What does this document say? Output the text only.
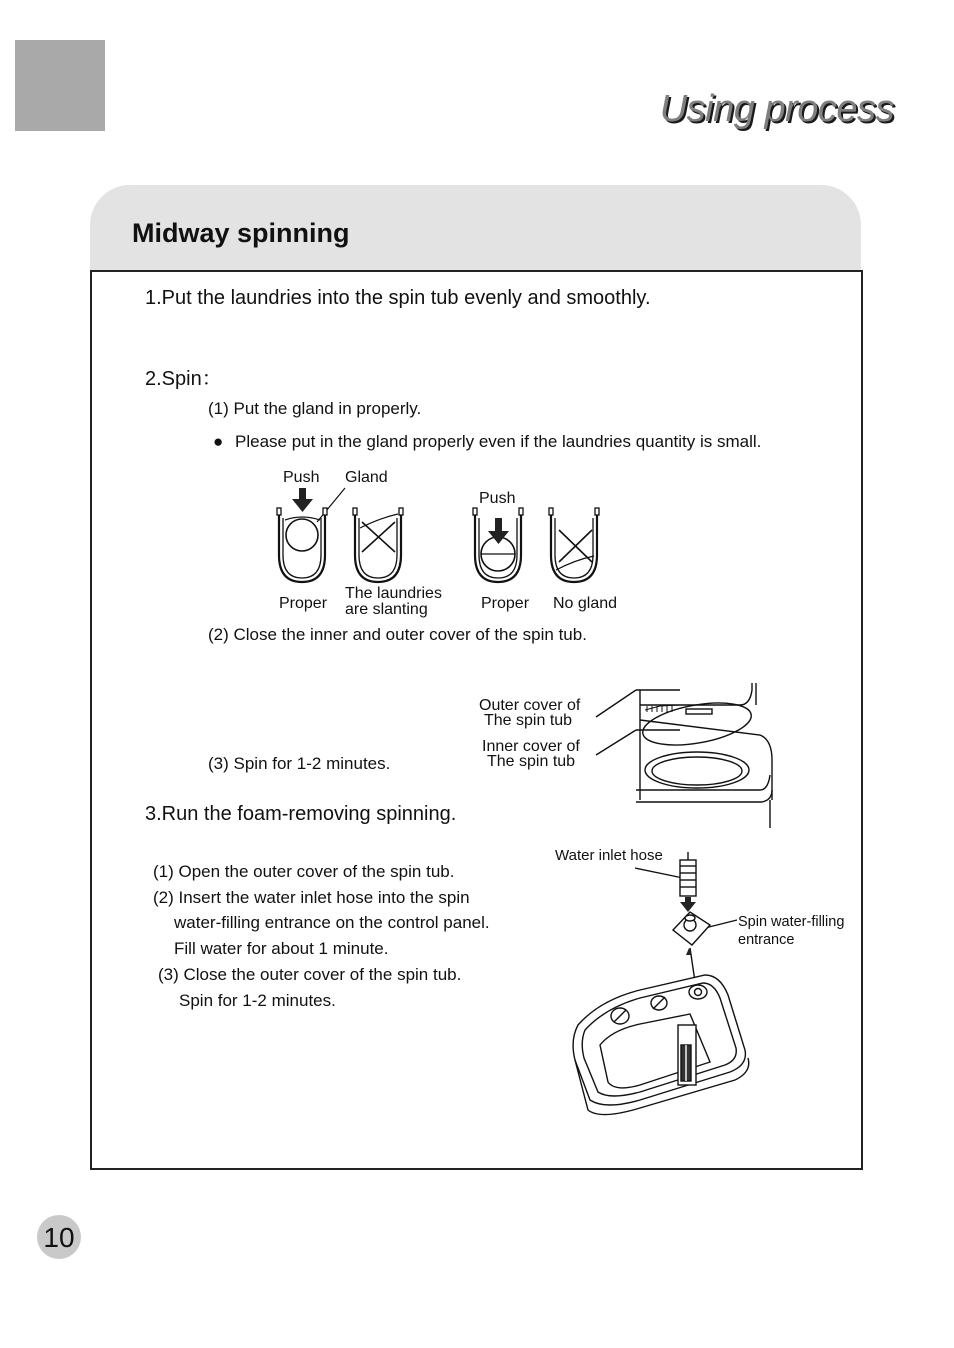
Using process
Midway spinning
1.Put the laundries into the spin tub evenly and smoothly.
2.Spin：
(1) Put the gland in properly.
● Please put in the gland properly even if the laundries quantity is small.
Push Gland
Push
Proper
The laundries
are slanting	Proper No gland
(2) Close the inner and outer cover of the spin tub.
(3) Spin for 1-2 minutes.
Outer cover of
The spin tub
Inner cover of
The spin tub
3.Run the foam-removing spinning.
(1) Open the outer cover of the spin tub.
(2) Insert the water inlet hose into the spin
water-filling entrance on the control panel.
Fill water for about 1 minute.
(3) Close the outer cover of the spin tub.
Spin for 1-2 minutes.
Water inlet hose
Spin water-filling
entrance
10
